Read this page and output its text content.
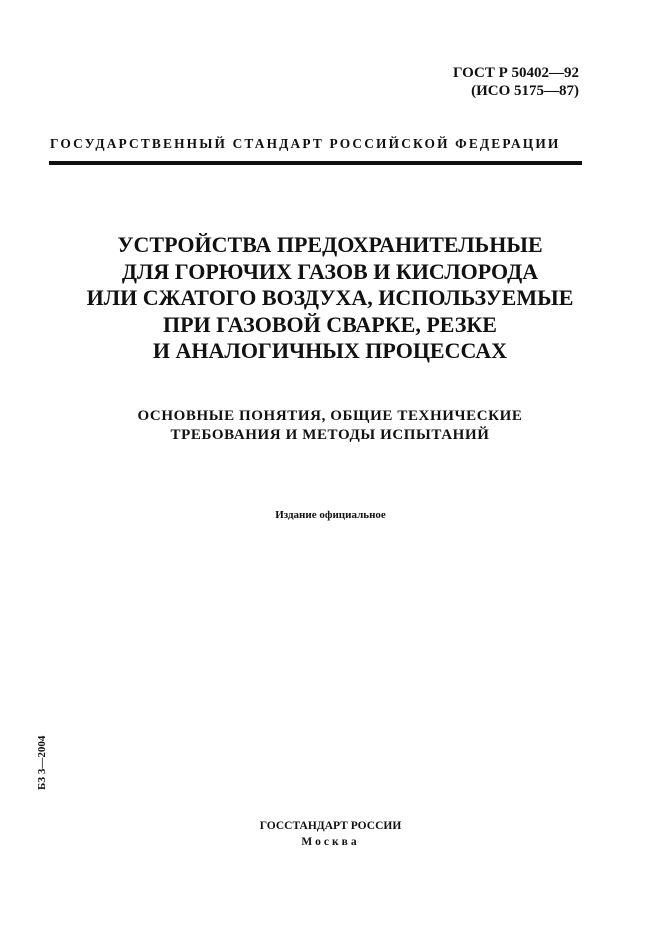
ГОСТ Р 50402—92
(ИСО 5175—87)
ГОСУДАРСТВЕННЫЙ СТАНДАРТ РОССИЙСКОЙ ФЕДЕРАЦИИ
УСТРОЙСТВА ПРЕДОХРАНИТЕЛЬНЫЕ
ДЛЯ ГОРЮЧИХ ГАЗОВ И КИСЛОРОДА
ИЛИ СЖАТОГО ВОЗДУХА, ИСПОЛЬЗУЕМЫЕ
ПРИ ГАЗОВОЙ СВАРКЕ, РЕЗКЕ
И АНАЛОГИЧНЫХ ПРОЦЕССАХ
ОСНОВНЫЕ ПОНЯТИЯ, ОБЩИЕ ТЕХНИЧЕСКИЕ
ТРЕБОВАНИЯ И МЕТОДЫ ИСПЫТАНИЙ
Издание официальное
БЗ 3—2004
ГОССТАНДАРТ РОССИИ
Москва
